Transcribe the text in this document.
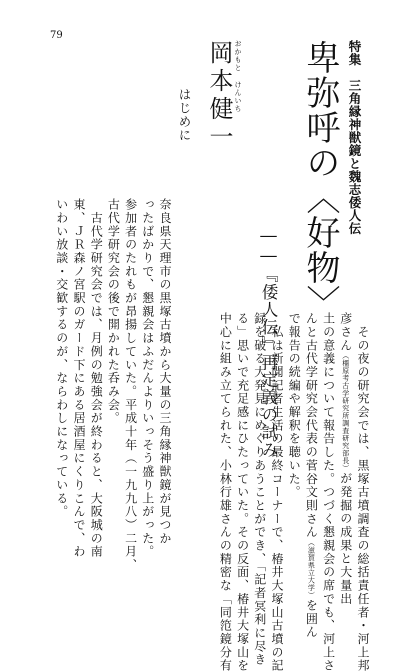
79
特集　三角縁神獣鏡と魏志倭人伝
卑弥呼の〈好物〉
――『倭人伝』再定義の試み
おかもと けんいち
岡本健一
はじめに
奈良県天理市の黒塚古墳から大量の三角縁神獣鏡が見つか
ったばかりで、懇親会はふだんよりいっそう盛り上がった。
参加者のたれもが昂揚していた。平成十年（一九九八）二月、
古代学研究会の後で開かれた呑み会。
　古代学研究会では、月例の勉強会が終わると、大阪城の南
東、ＪＲ森ノ宮駅のガード下にある居酒屋にくりこんで、わ
いわい放談・交歓するのが、ならわしになっている。	　その夜の研究会では、黒塚古墳調査の総括責任者・河上邦
彦さん（橿原考古学研究所調査研究部長）が発掘の成果と大量出
土の意義について報告した。つづく懇親会の席でも、河上さ
んと古代学研究会代表の菅谷文則さん（滋賀県立大学）を囲ん
で報告の続編や解釈を聴いた。
　私は新聞記者生活の最終コーナーで、椿井大塚山古墳の記
録を破る大発見にめぐりあうことができ、「記者冥利に尽き
る」思いで充足感にひたっていた。その反面、椿井大塚山を
中心に組み立てられた、小林行雄さんの精密な「同笵鏡分有
